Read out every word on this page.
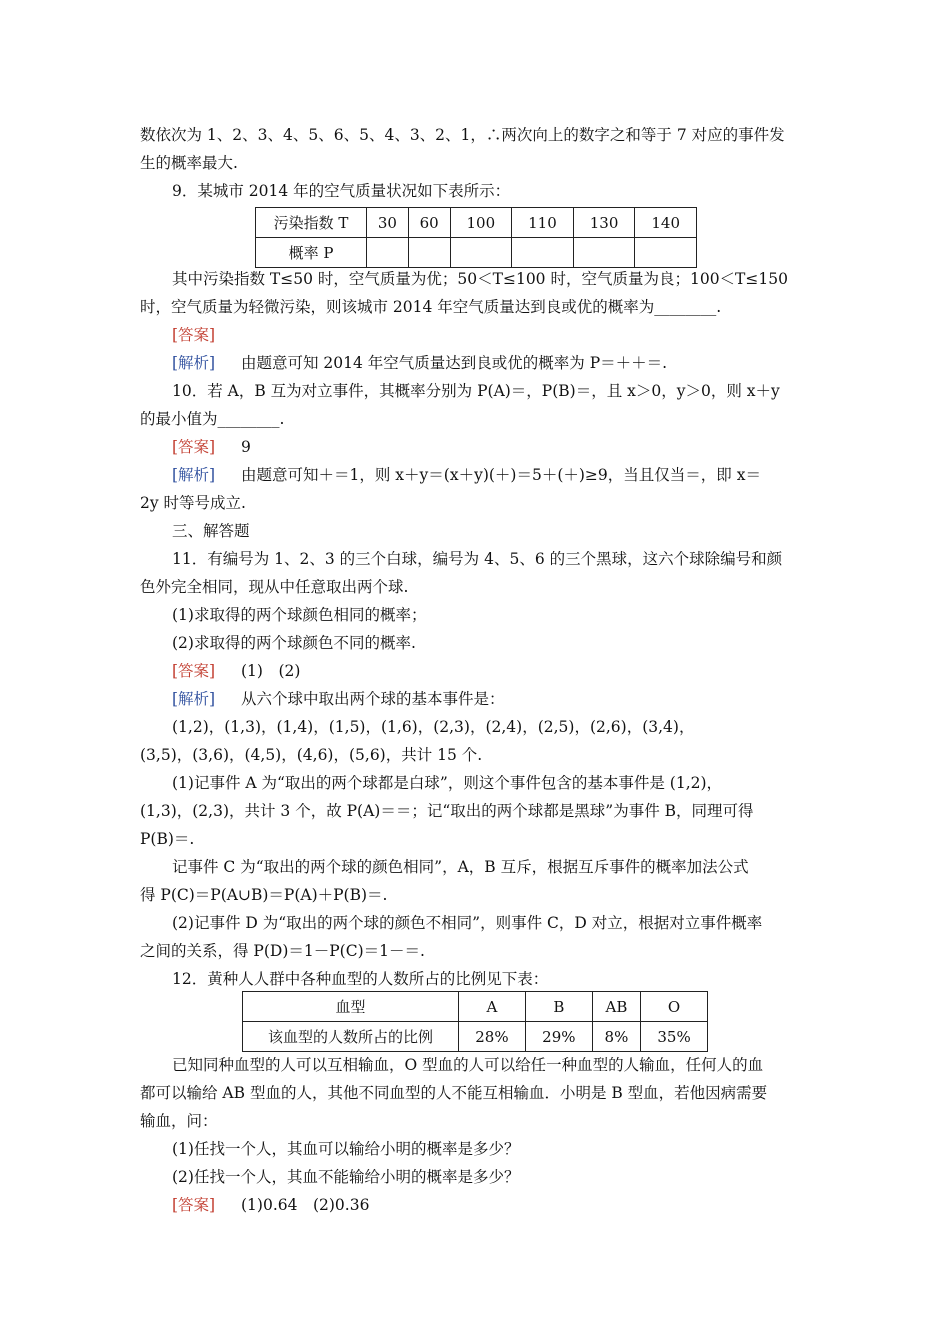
数依次为 1、2、3、4、5、6、5、4、3、2、1，∴两次向上的数字之和等于 7 对应的事件发
生的概率最大.
9．某城市 2014 年的空气质量状况如下表所示：
污染指数 T	30	60	100	110	130	140
概率 P						
其中污染指数 T≤50 时，空气质量为优；50＜T≤100 时，空气质量为良；100＜T≤150
时，空气质量为轻微污染，则该城市 2014 年空气质量达到良或优的概率为________.
[答案]
[解析] 由题意可知 2014 年空气质量达到良或优的概率为 P＝＋＋＝.
10．若 A，B 互为对立事件，其概率分别为 P(A)＝，P(B)＝，且 x＞0，y＞0，则 x＋y
的最小值为________.
[答案] 9
[解析] 由题意可知＋＝1，则 x＋y＝(x＋y)(＋)＝5＋(＋)≥9，当且仅当＝，即 x＝
2y 时等号成立.
三、解答题
11．有编号为 1、2、3 的三个白球，编号为 4、5、6 的三个黑球，这六个球除编号和颜
色外完全相同，现从中任意取出两个球.
(1)求取得的两个球颜色相同的概率；
(2)求取得的两个球颜色不同的概率.
[答案] (1)　(2)
[解析] 从六个球中取出两个球的基本事件是：
(1,2)，(1,3)，(1,4)，(1,5)，(1,6)，(2,3)，(2,4)，(2,5)，(2,6)，(3,4)，
(3,5)，(3,6)，(4,5)，(4,6)，(5,6)，共计 15 个.
(1)记事件 A 为“取出的两个球都是白球”，则这个事件包含的基本事件是 (1,2)，
(1,3)，(2,3)，共计 3 个，故 P(A)＝＝；记“取出的两个球都是黑球”为事件 B，同理可得
P(B)＝.
记事件 C 为“取出的两个球的颜色相同”，A，B 互斥，根据互斥事件的概率加法公式
得 P(C)＝P(A∪B)＝P(A)＋P(B)＝.
(2)记事件 D 为“取出的两个球的颜色不相同”，则事件 C，D 对立，根据对立事件概率
之间的关系，得 P(D)＝1－P(C)＝1－＝.
12．黄种人人群中各种血型的人数所占的比例见下表：
血型	A	B	AB	O
该血型的人数所占的比例	28%	29%	8%	35%
已知同种血型的人可以互相输血，O 型血的人可以给任一种血型的人输血，任何人的血
都可以输给 AB 型血的人，其他不同血型的人不能互相输血．小明是 B 型血，若他因病需要
输血，问：
(1)任找一个人，其血可以输给小明的概率是多少？
(2)任找一个人，其血不能输给小明的概率是多少？
[答案] (1)0.64　(2)0.36
